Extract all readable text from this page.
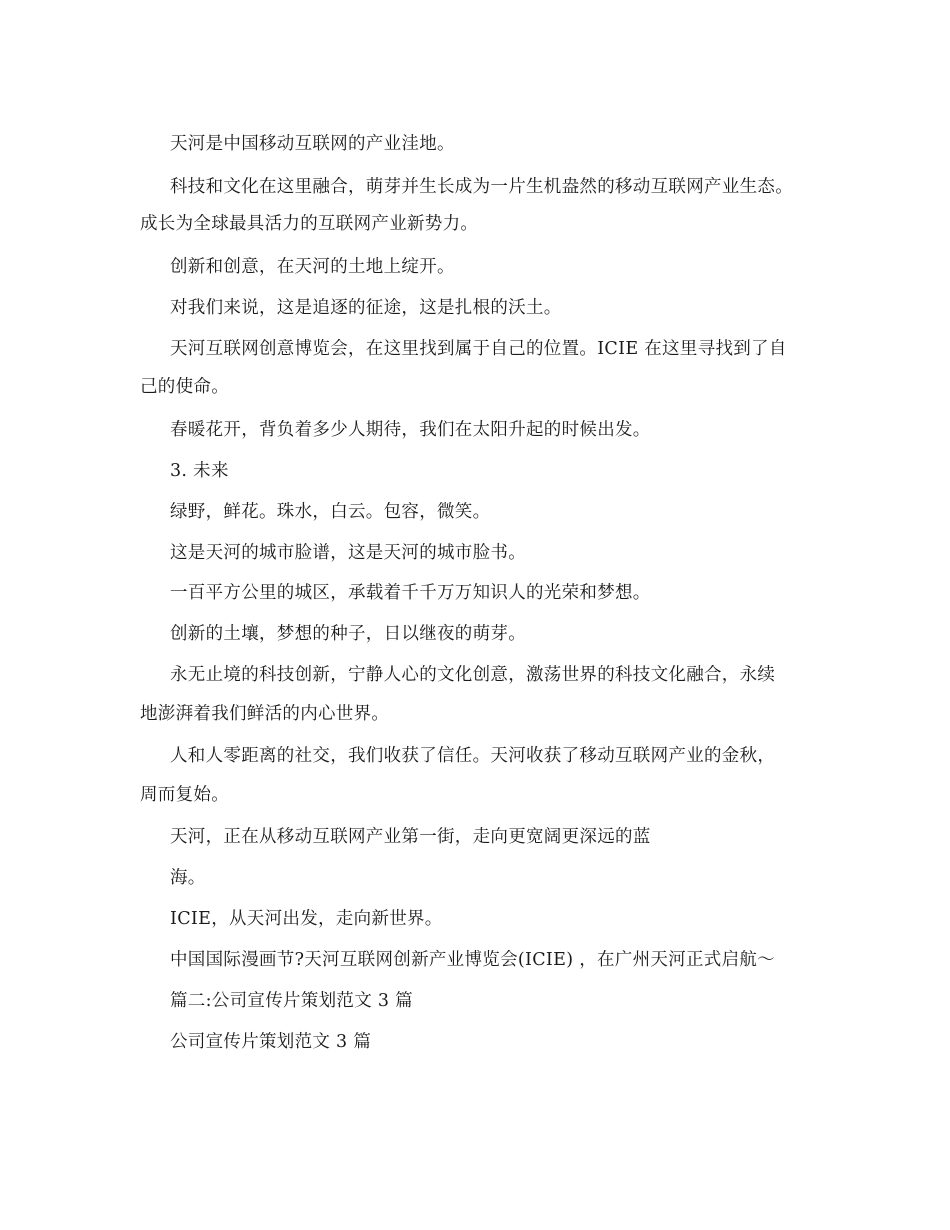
天河是中国移动互联网的产业洼地。
科技和文化在这里融合，萌芽并生长成为一片生机盎然的移动互联网产业生态。
成长为全球最具活力的互联网产业新势力。
创新和创意，在天河的土地上绽开。
对我们来说，这是追逐的征途，这是扎根的沃土。
天河互联网创意博览会，在这里找到属于自己的位置。ICIE 在这里寻找到了自
己的使命。
春暖花开，背负着多少人期待，我们在太阳升起的时候出发。
3. 未来
绿野，鲜花。珠水，白云。包容，微笑。
这是天河的城市脸谱，这是天河的城市脸书。
一百平方公里的城区，承载着千千万万知识人的光荣和梦想。
创新的土壤，梦想的种子，日以继夜的萌芽。
永无止境的科技创新，宁静人心的文化创意，激荡世界的科技文化融合，永续
地澎湃着我们鲜活的内心世界。
人和人零距离的社交，我们收获了信任。天河收获了移动互联网产业的金秋，
周而复始。
天河，正在从移动互联网产业第一街，走向更宽阔更深远的蓝
海。
ICIE，从天河出发，走向新世界。
中国国际漫画节?天河互联网创新产业博览会(ICIE) ，在广州天河正式启航～
篇二:公司宣传片策划范文 3 篇
公司宣传片策划范文 3 篇
